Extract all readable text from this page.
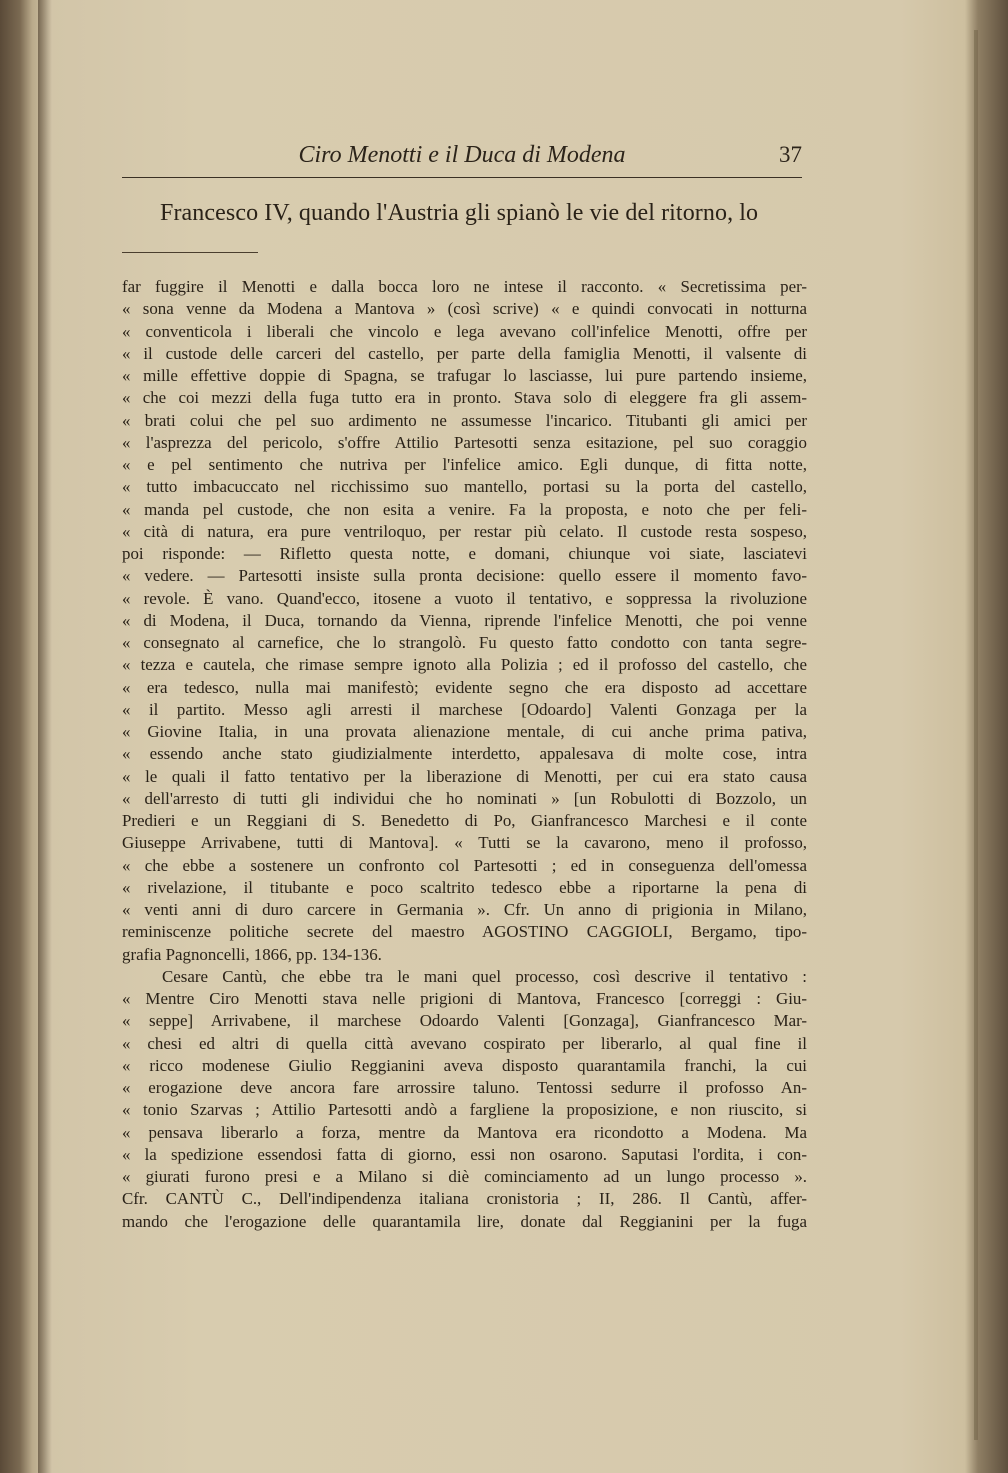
Ciro Menotti e il Duca di Modena	37
Francesco IV, quando l'Austria gli spianò le vie del ritorno, lo
far fuggire il Menotti e dalla bocca loro ne intese il racconto. « Secretissima per-
« sona venne da Modena a Mantova » (così scrive) « e quindi convocati in notturna
« conventicola i liberali che vincolo e lega avevano coll'infelice Menotti, offre per
« il custode delle carceri del castello, per parte della famiglia Menotti, il valsente di
« mille effettive doppie di Spagna, se trafugar lo lasciasse, lui pure partendo insieme,
« che coi mezzi della fuga tutto era in pronto. Stava solo di eleggere fra gli assem-
« brati colui che pel suo ardimento ne assumesse l'incarico. Titubanti gli amici per
« l'asprezza del pericolo, s'offre Attilio Partesotti senza esitazione, pel suo coraggio
« e pel sentimento che nutriva per l'infelice amico. Egli dunque, di fitta notte,
« tutto imbacuccato nel ricchissimo suo mantello, portasi su la porta del castello,
« manda pel custode, che non esita a venire. Fa la proposta, e noto che per feli-
« cità di natura, era pure ventriloquo, per restar più celato. Il custode resta sospeso,
poi risponde: — Rifletto questa notte, e domani, chiunque voi siate, lasciatevi
« vedere. — Partesotti insiste sulla pronta decisione: quello essere il momento favo-
« revole. È vano. Quand'ecco, itosene a vuoto il tentativo, e soppressa la rivoluzione
« di Modena, il Duca, tornando da Vienna, riprende l'infelice Menotti, che poi venne
« consegnato al carnefice, che lo strangolò. Fu questo fatto condotto con tanta segre-
« tezza e cautela, che rimase sempre ignoto alla Polizia ; ed il profosso del castello, che
« era tedesco, nulla mai manifestò; evidente segno che era disposto ad accettare
« il partito. Messo agli arresti il marchese [Odoardo] Valenti Gonzaga per la
« Giovine Italia, in una provata alienazione mentale, di cui anche prima pativa,
« essendo anche stato giudizialmente interdetto, appalesava di molte cose, intra
« le quali il fatto tentativo per la liberazione di Menotti, per cui era stato causa
« dell'arresto di tutti gli individui che ho nominati » [un Robulotti di Bozzolo, un
Predieri e un Reggiani di S. Benedetto di Po, Gianfrancesco Marchesi e il conte
Giuseppe Arrivabene, tutti di Mantova]. « Tutti se la cavarono, meno il profosso,
« che ebbe a sostenere un confronto col Partesotti ; ed in conseguenza dell'omessa
« rivelazione, il titubante e poco scaltrito tedesco ebbe a riportarne la pena di
« venti anni di duro carcere in Germania ». Cfr. Un anno di prigionia in Milano,
reminiscenze politiche secrete del maestro AGOSTINO CAGGIOLI, Bergamo, tipo-
grafia Pagnoncelli, 1866, pp. 134-136.
Cesare Cantù, che ebbe tra le mani quel processo, così descrive il tentativo :
« Mentre Ciro Menotti stava nelle prigioni di Mantova, Francesco [correggi : Giu-
« seppe] Arrivabene, il marchese Odoardo Valenti [Gonzaga], Gianfrancesco Mar-
« chesi ed altri di quella città avevano cospirato per liberarlo, al qual fine il
« ricco modenese Giulio Reggianini aveva disposto quarantamila franchi, la cui
« erogazione deve ancora fare arrossire taluno. Tentossi sedurre il profosso An-
« tonio Szarvas ; Attilio Partesotti andò a fargliene la proposizione, e non riuscito, si
« pensava liberarlo a forza, mentre da Mantova era ricondotto a Modena. Ma
« la spedizione essendosi fatta di giorno, essi non osarono. Saputasi l'ordita, i con-
« giurati furono presi e a Milano si diè cominciamento ad un lungo processo ».
Cfr. CANTÙ C., Dell'indipendenza italiana cronistoria ; II, 286. Il Cantù, affer-
mando che l'erogazione delle quarantamila lire, donate dal Reggianini per la fuga
